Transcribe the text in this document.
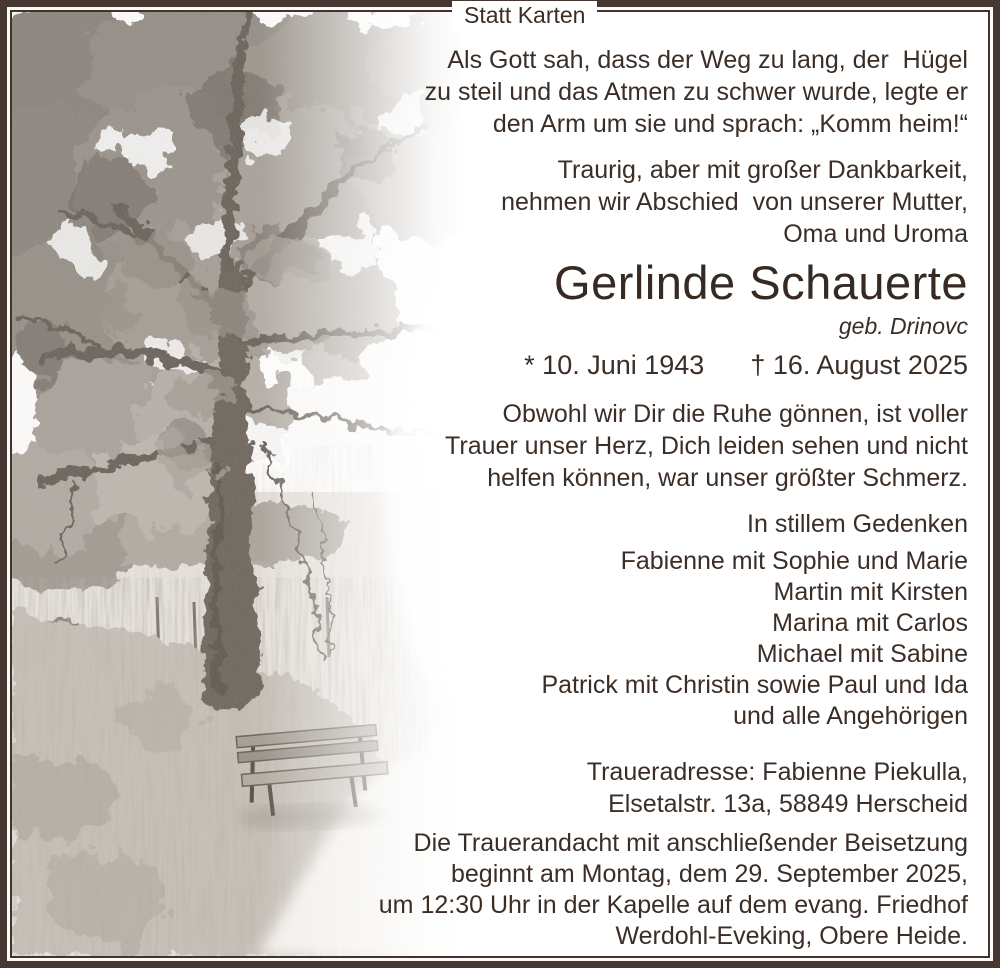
Statt Karten
Als Gott sah, dass der Weg zu lang, der  Hügel
zu steil und das Atmen zu schwer wurde, legte er
den Arm um sie und sprach: „Komm heim!“
Traurig, aber mit großer Dankbarkeit,
nehmen wir Abschied  von unserer Mutter,
Oma und Uroma
Gerlinde Schauerte
geb. Drinovc
* 10. Juni 1943 † 16. August 2025
Obwohl wir Dir die Ruhe gönnen, ist voller
Trauer unser Herz, Dich leiden sehen und nicht
helfen können, war unser größter Schmerz.
In stillem Gedenken
Fabienne mit Sophie und Marie
Martin mit Kirsten
Marina mit Carlos
Michael mit Sabine
Patrick mit Christin sowie Paul und Ida
und alle Angehörigen
Traueradresse: Fabienne Piekulla,
Elsetalstr. 13a, 58849 Herscheid
Die Trauerandacht mit anschließender Beisetzung
beginnt am Montag, dem 29. September 2025,
um 12:30 Uhr in der Kapelle auf dem evang. Friedhof
Werdohl-Eveking, Obere Heide.
